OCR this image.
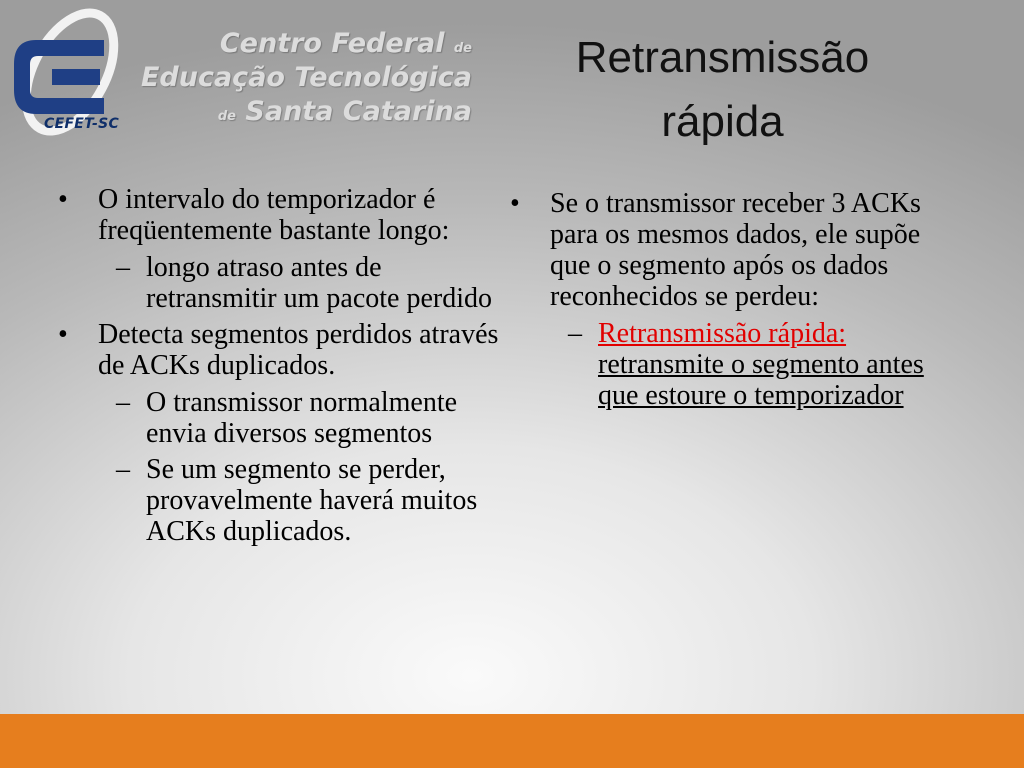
CEFET-SC
Centro Federal de
Educação Tecnológica
de Santa Catarina
Retransmissão
rápida
•	O intervalo do temporizador é freqüentemente bastante longo:
– longo atraso antes de retransmitir um pacote perdido
•	Detecta segmentos perdidos através de ACKs duplicados.
– O transmissor normalmente envia diversos segmentos
– Se um segmento se perder, provavelmente haverá muitos ACKs duplicados.
•	Se o transmissor receber 3 ACKs para os mesmos dados, ele supõe que o segmento após os dados reconhecidos se perdeu:
– Retransmissão rápida: retransmite o segmento antes que estoure o temporizador
